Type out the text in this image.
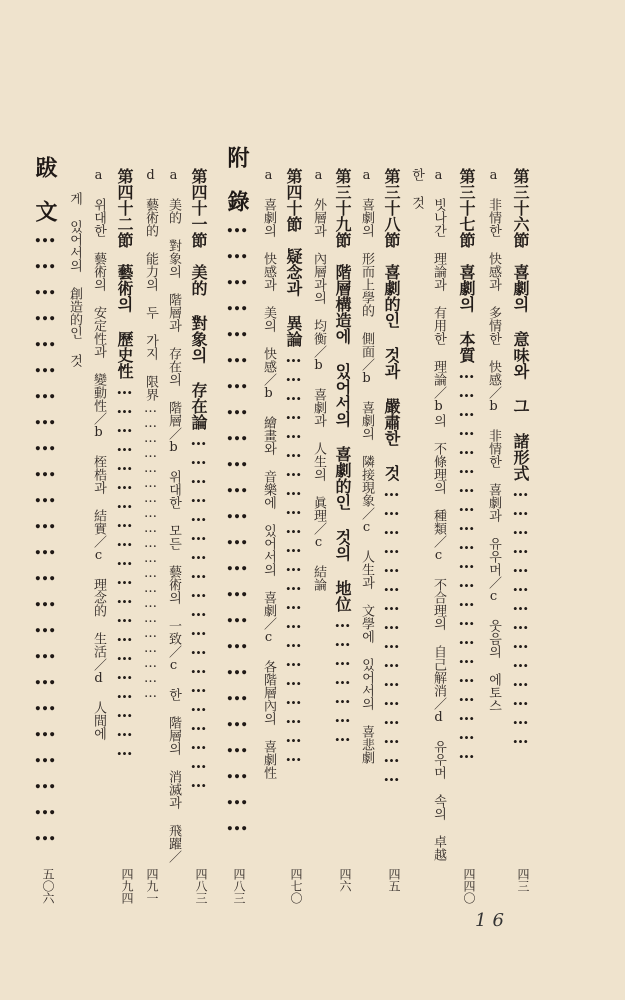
第三十六節　喜劇의 意味와 그 諸形式……………………………………
四三
a 非情한 快感과 多情한 快感／b 非情한 喜劇과 유우머／c 웃음의 에토스
第三十七節　喜劇의 本質………………………………………………………
四四〇
a 빗나간 理論과 有用한 理論／b의 不條理의 種類／c 不合理의 自己解消／d 유우머 속의 卓越
한 것
第三十八節　喜劇的인 것과 嚴肅한 것…………………………………………
四五
a 喜劇의 形而上學的 側面／b 喜劇의 隣接現象／c 人生과 文學에 있어서의 喜悲劇
第三十九節　階層構造에 있어서의 喜劇的인 것의 地位…………………
四六
a 外層과 內層과의 均衡／b 喜劇과 人生의 眞理／c 結論
第四十節　疑念과 異論…………………………………………………………
四七〇
a 喜劇의 快感과 美의 快感／b 繪畫와 音樂에 있어서의 喜劇／c 各階層內의 喜劇性
附　錄………………………………………………………………
四八三
第四十一節　美的 對象의 存在論…………………………………………………
四八三
a 美的 對象의 階層과 存在의 階層／b 위대한 모든 藝術의 一致／c 한 階層의 消滅과 飛躍／
d 藝術的 能力의 두 가지 限界……………………………………………………
四九一
第四十二節　藝術의 歷史性……………………………………………………
四九四
a 위대한 藝術의 安定性과 變動性／b 桎梏과 結實／c 理念的 生活／d 人間에
게 있어서의 創造的인 것
跋　文………………………………………………………………
五〇六
16
